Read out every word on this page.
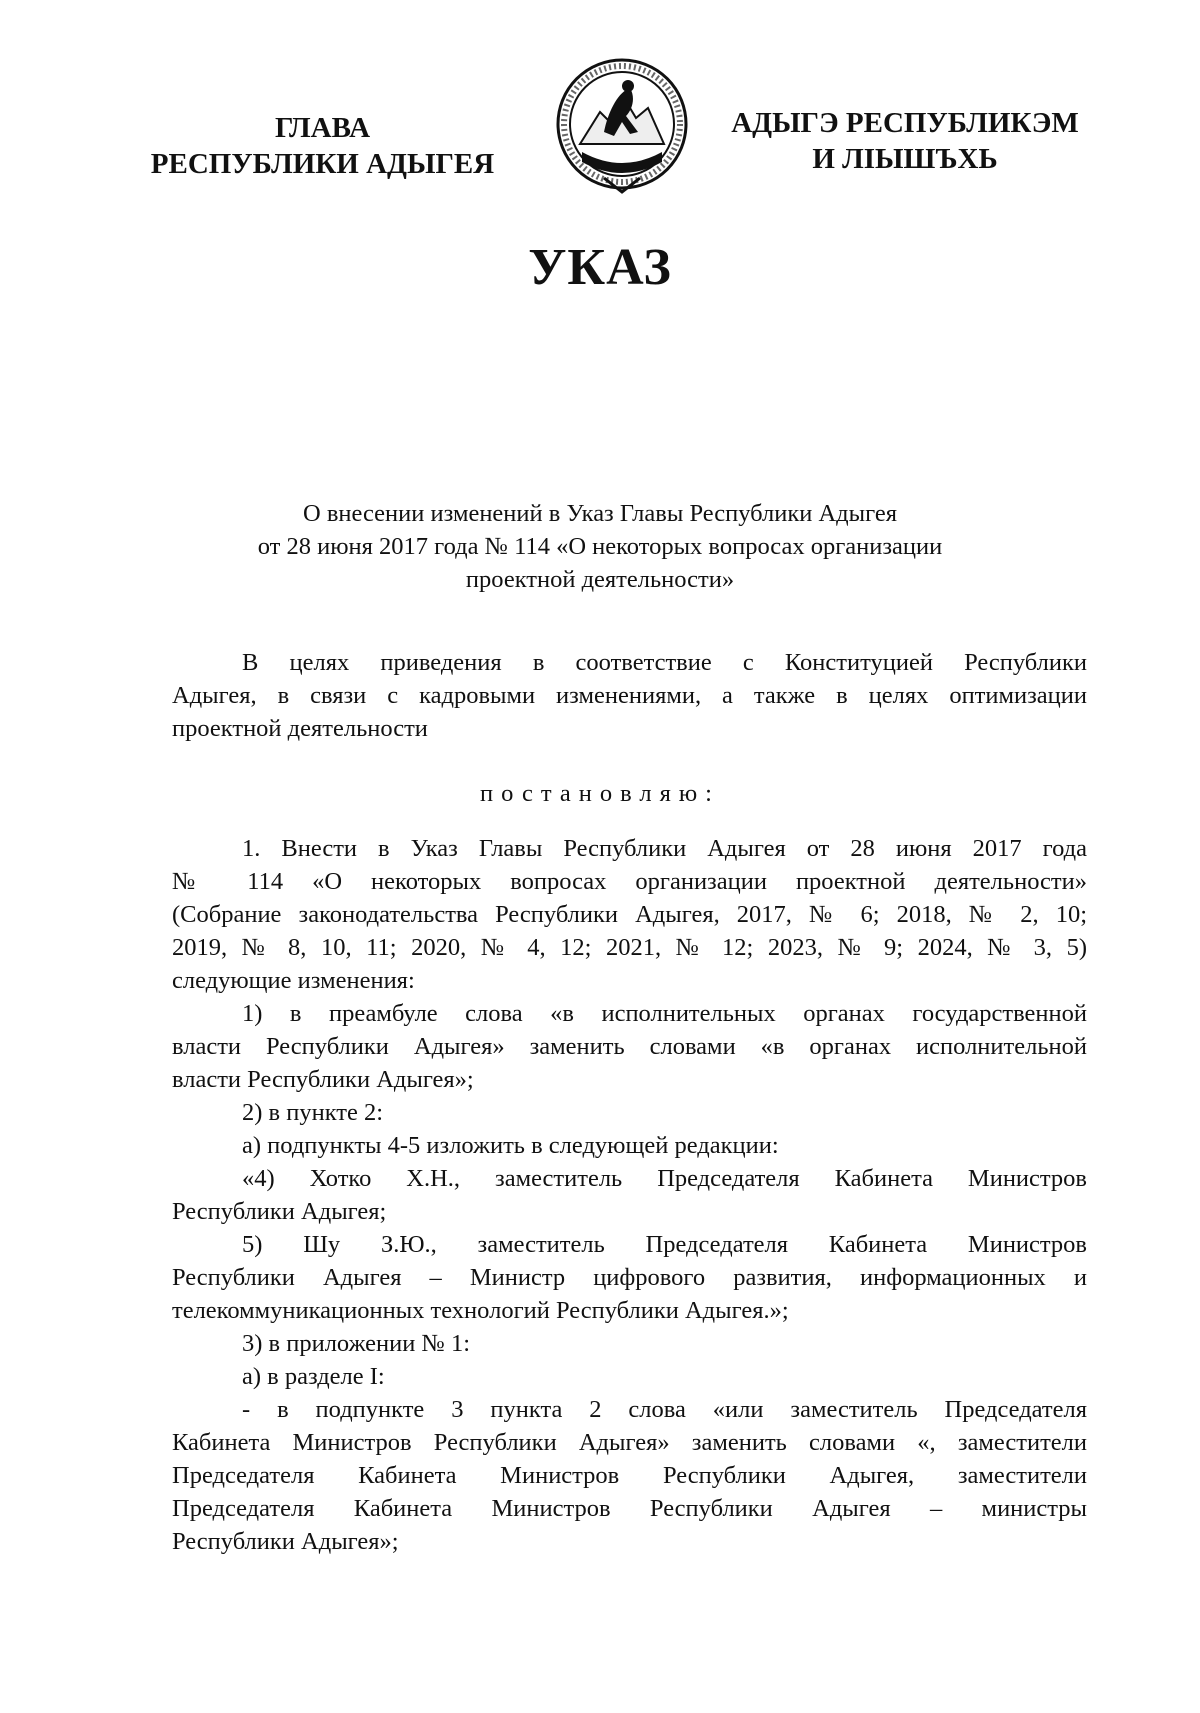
ГЛАВА
РЕСПУБЛИКИ АДЫГЕЯ
АДЫГЭ РЕСПУБЛИКЭМ
И ЛІЫШЪХЬ
УКАЗ
О внесении изменений в Указ Главы Республики Адыгея
от 28 июня 2017 года № 114 «О некоторых вопросах организации
проектной деятельности»

В целях приведения в соответствие с Конституцией Республики

Адыгея, в связи с кадровыми изменениями, а также в целях оптимизации

проектной деятельности

постановляю:

1. Внести в Указ Главы Республики Адыгея от 28 июня 2017 года

№ 114 «О некоторых вопросах организации проектной деятельности»

(Собрание законодательства Республики Адыгея, 2017, № 6; 2018, № 2, 10;

2019, № 8, 10, 11; 2020, № 4, 12; 2021, № 12; 2023, № 9; 2024, № 3, 5)

следующие изменения:

1) в преамбуле слова «в исполнительных органах государственной

власти Республики Адыгея» заменить словами «в органах исполнительной

власти Республики Адыгея»;

2) в пункте 2:

а) подпункты 4-5 изложить в следующей редакции:

«4) Хотко Х.Н., заместитель Председателя Кабинета Министров

Республики Адыгея;

5) Шу З.Ю., заместитель Председателя Кабинета Министров

Республики Адыгея – Министр цифрового развития, информационных и

телекоммуникационных технологий Республики Адыгея.»;

3) в приложении № 1:

а) в разделе I:

- в подпункте 3 пункта 2 слова «или заместитель Председателя

Кабинета Министров Республики Адыгея» заменить словами «, заместители

Председателя Кабинета Министров Республики Адыгея, заместители

Председателя Кабинета Министров Республики Адыгея – министры

Республики Адыгея»;
